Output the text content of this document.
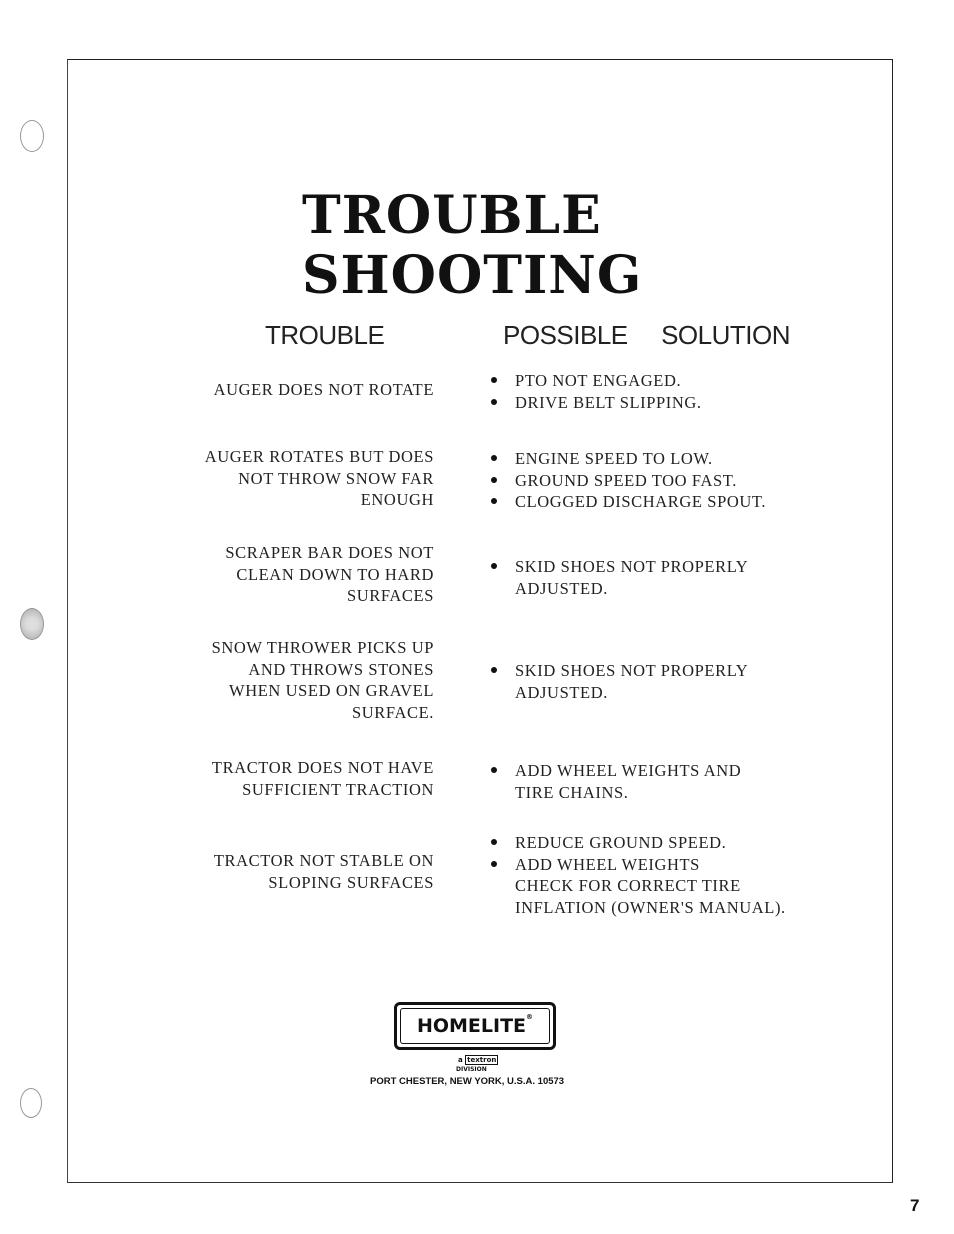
TROUBLE
SHOOTING
TROUBLE	POSSIBLE  SOLUTION
AUGER DOES NOT ROTATE	PTO NOT ENGAGED.
DRIVE BELT SLIPPING.
AUGER ROTATES BUT DOES
NOT THROW SNOW FAR
ENOUGH
ENGINE SPEED TO LOW.
GROUND SPEED TOO FAST.
CLOGGED DISCHARGE SPOUT.
SCRAPER BAR DOES NOT
CLEAN DOWN TO HARD
SURFACES
SKID SHOES NOT PROPERLY
ADJUSTED.
SNOW THROWER PICKS UP
AND THROWS STONES
WHEN USED ON GRAVEL
SURFACE.
SKID SHOES NOT PROPERLY
ADJUSTED.
TRACTOR DOES NOT HAVE
SUFFICIENT TRACTION
ADD WHEEL WEIGHTS AND
TIRE CHAINS.
TRACTOR NOT STABLE ON
SLOPING SURFACES
REDUCE GROUND SPEED.
ADD WHEEL WEIGHTS
CHECK FOR CORRECT TIRE
INFLATION (OWNER'S MANUAL).
HOMELITE®
a textron
DIVISION
PORT CHESTER, NEW YORK, U.S.A. 10573
7
